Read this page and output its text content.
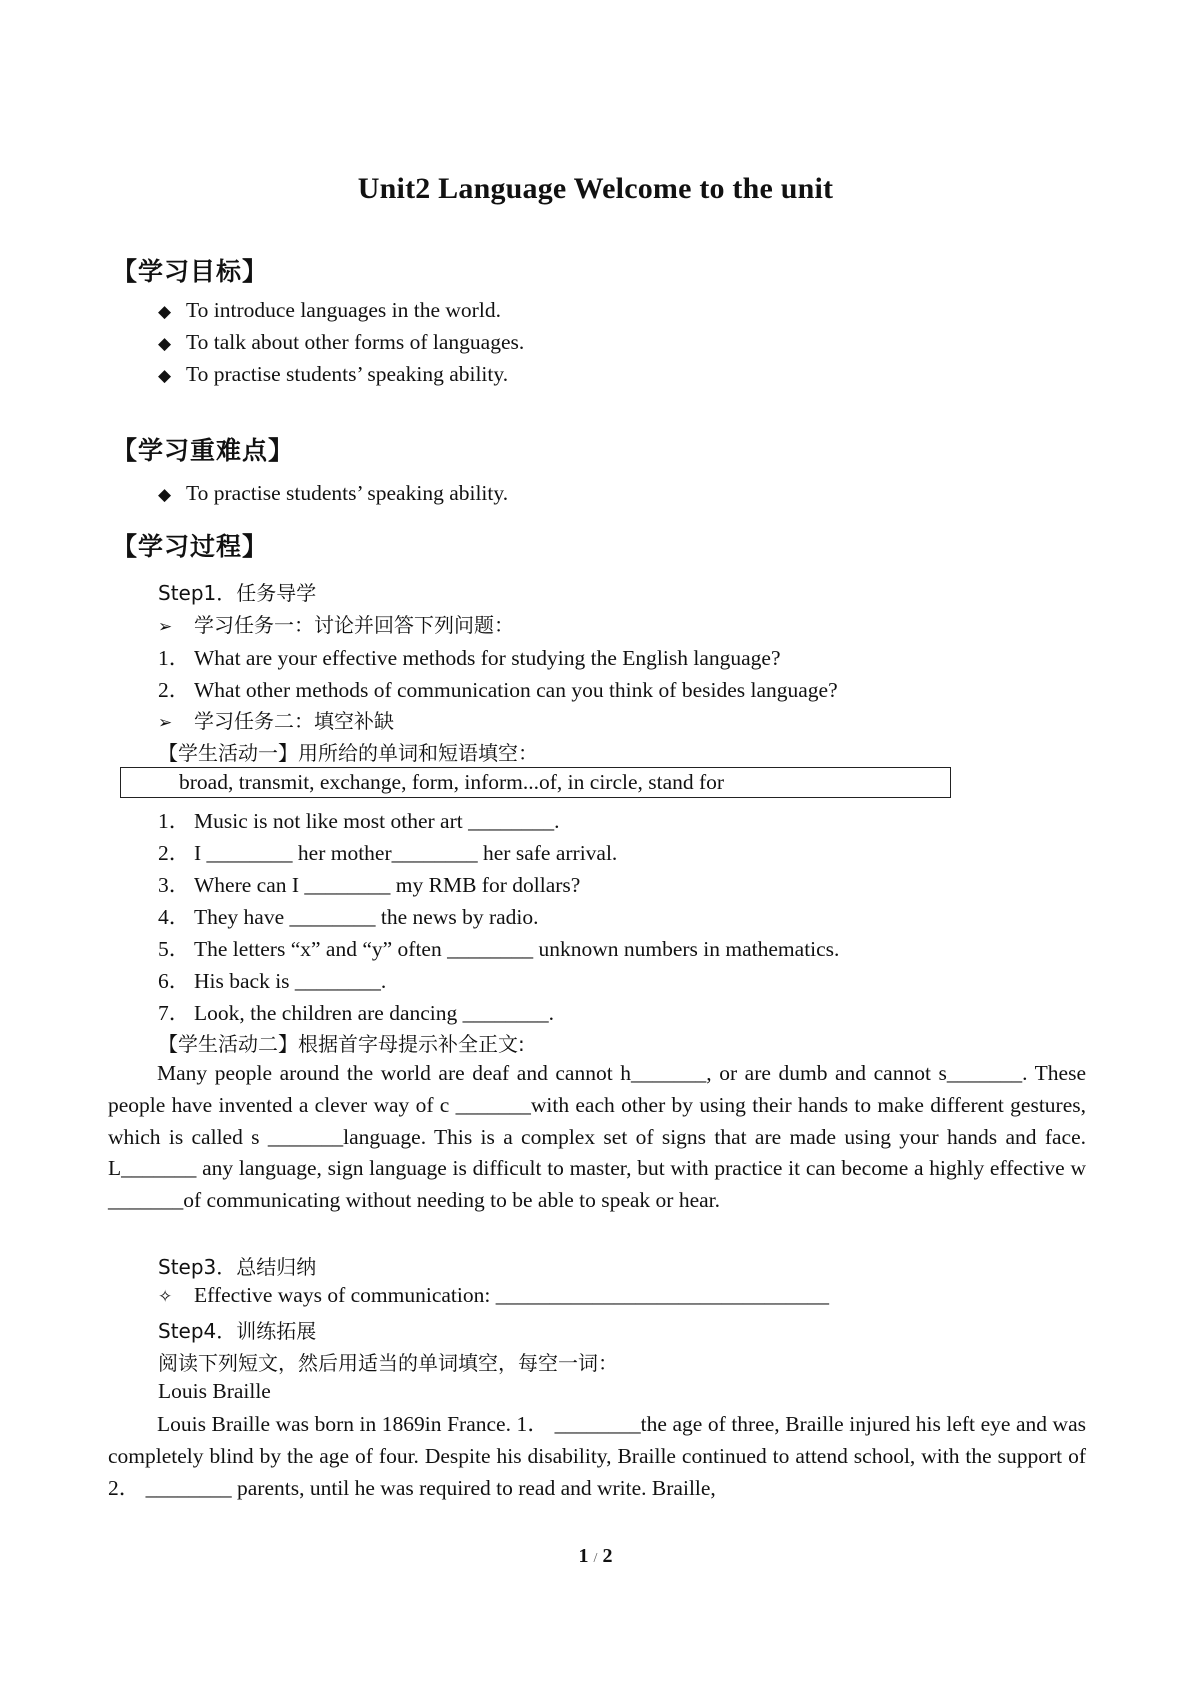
Unit2 Language Welcome to the unit
【学习目标】
◆ To introduce languages in the world.
◆ To talk about other forms of languages.
◆ To practise students’ speaking ability.
【学习重难点】
◆ To practise students’ speaking ability.
【学习过程】
Step1．任务导学
➢ 学习任务一：讨论并回答下列问题：
1． What are your effective methods for studying the English language?
2． What other methods of communication can you think of besides language?
➢ 学习任务二：填空补缺
【学生活动一】用所给的单词和短语填空：
broad, transmit, exchange, form, inform...of, in circle, stand for
1． Music is not like most other art ________.
2． I ________ her mother________ her safe arrival.
3． Where can I ________ my RMB for dollars?
4． They have ________ the news by radio.
5． The letters “x” and “y” often ________ unknown numbers in mathematics.
6． His back is ________.
7． Look, the children are dancing ________.
【学生活动二】根据首字母提示补全正文:

Many people around the world are deaf and cannot h_______, or are dumb and cannot s_______. These people have invented a clever way of c _______with each other by using their hands to make different gestures, which is called s _______language. This is a complex set of signs that are made using your hands and face. L_______ any language, sign language is difficult to master, but with practice it can become a highly effective w _______of communicating without needing to be able to speak or hear.

Step3．总结归纳
✧ Effective ways of communication: _______________________________
Step4．训练拓展
阅读下列短文，然后用适当的单词填空，每空一词：
Louis Braille

Louis Braille was born in 1869in France. 1． ________the age of three, Braille injured his left eye and was completely blind by the age of four. Despite his disability, Braille continued to attend school, with the support of 2． ________ parents, until he was required to read and write. Braille,

1 / 2
